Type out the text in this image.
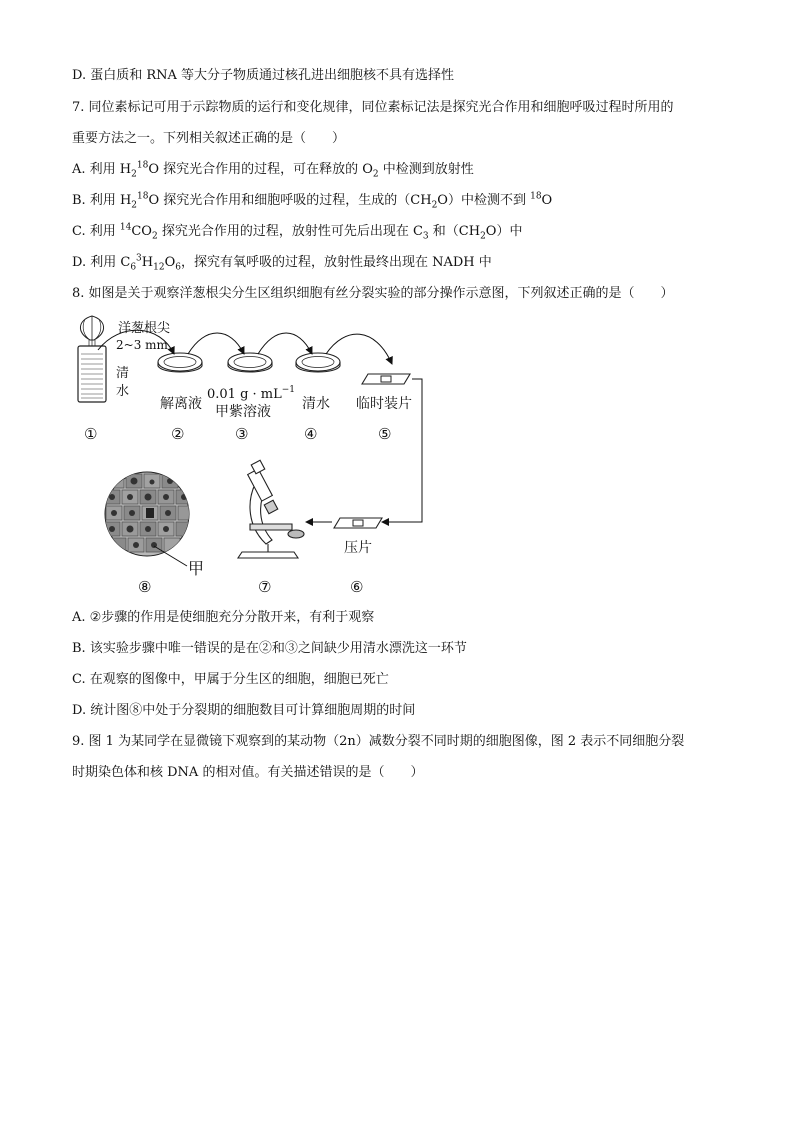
D. 蛋白质和 RNA 等大分子物质通过核孔进出细胞核不具有选择性
7. 同位素标记可用于示踪物质的运行和变化规律，同位素标记法是探究光合作用和细胞呼吸过程时所用的
重要方法之一。下列相关叙述正确的是（　　）
A. 利用 $H_2^{18}O$ 探究光合作用的过程，可在释放的 $O_2$ 中检测到放射性
B. 利用 $H_2^{18}O$ 探究光合作用和细胞呼吸的过程，生成的$(CH_2O)$中检测不到 $^{18}$O
C. 利用 $^{14}CO_2$ 探究光合作用的过程，放射性可先后出现在 $C_3$ 和$(CH_2O)$中
D. 利用 $C_6^3H_{12}O_6$，探究有氧呼吸的过程，放射性最终出现在 NADH 中
8. 如图是关于观察洋葱根尖分生区组织细胞有丝分裂实验的部分操作示意图，下列叙述正确的是（　　）
清
水
洋葱根尖
2~3 mm
解离液
0.01 $g \cdot mL^{-1}$
甲紫溶液 清水 临时装片
①	②	③	④	⑤
压片
甲
⑧	⑦	⑥
A. ②步骤的作用是使细胞充分分散开来，有利于观察
B. 该实验步骤中唯一错误的是在②和③之间缺少用清水漂洗这一环节
C. 在观察的图像中，甲属于分生区的细胞，细胞已死亡
D. 统计图⑧中处于分裂期的细胞数目可计算细胞周期的时间
9. 图 1 为某同学在显微镜下观察到的某动物（2n）减数分裂不同时期的细胞图像，图 2 表示不同细胞分裂
时期染色体和核 DNA 的相对值。有关描述错误的是（　　）
